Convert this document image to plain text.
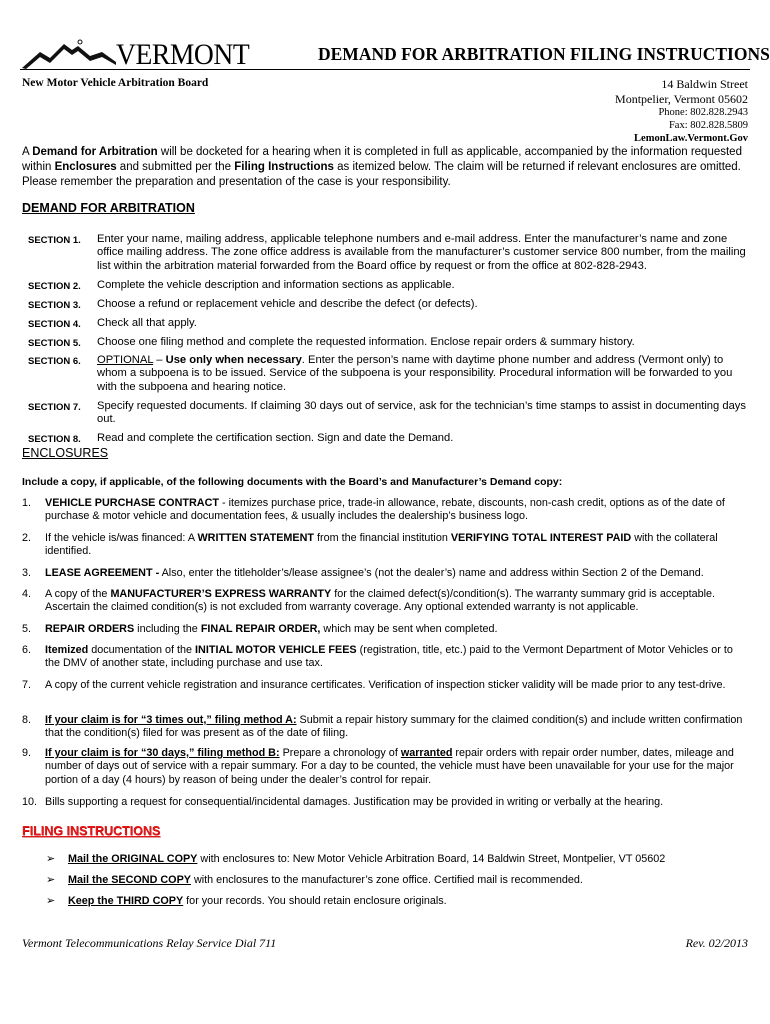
VERMONT	DEMAND FOR ARBITRATION FILING INSTRUCTIONS
New Motor Vehicle Arbitration Board	14 Baldwin Street
Montpelier, Vermont 05602
Phone: 802.828.2943
Fax: 802.828.5809
LemonLaw.Vermont.Gov
A Demand for Arbitration will be docketed for a hearing when it is completed in full as applicable, accompanied by the information requested within Enclosures and submitted per the Filing Instructions as itemized below. The claim will be returned if relevant enclosures are omitted. Please remember the preparation and presentation of the case is your responsibility.
DEMAND FOR ARBITRATION
SECTION 1.	Enter your name, mailing address, applicable telephone numbers and e-mail address. Enter the manufacturer’s name and zone office mailing address. The zone office address is available from the manufacturer’s customer service 800 number, from the mailing list within the arbitration material forwarded from the Board office by request or from the office at 802-828-2943.
SECTION 2.	Complete the vehicle description and information sections as applicable.
SECTION 3.	Choose a refund or replacement vehicle and describe the defect (or defects).
SECTION 4.	Check all that apply.
SECTION 5.	Choose one filing method and complete the requested information. Enclose repair orders & summary history.
SECTION 6.	OPTIONAL – Use only when necessary. Enter the person’s name with daytime phone number and address (Vermont only) to whom a subpoena is to be issued. Service of the subpoena is your responsibility. Procedural information will be forwarded to you with the subpoena and hearing notice.
SECTION 7.	Specify requested documents. If claiming 30 days out of service, ask for the technician’s time stamps to assist in documenting days out.
SECTION 8.	Read and complete the certification section. Sign and date the Demand.
ENCLOSURES
Include a copy, if applicable, of the following documents with the Board’s and Manufacturer’s Demand copy:
1.	VEHICLE PURCHASE CONTRACT - itemizes purchase price, trade-in allowance, rebate, discounts, non-cash credit, options as of the date of purchase & motor vehicle and documentation fees, & usually includes the dealership’s business logo.
2.	If the vehicle is/was financed: A WRITTEN STATEMENT from the financial institution VERIFYING TOTAL INTEREST PAID with the collateral identified.
3.	LEASE AGREEMENT - Also, enter the titleholder’s/lease assignee’s (not the dealer’s) name and address within Section 2 of the Demand.
4.	A copy of the MANUFACTURER’S EXPRESS WARRANTY for the claimed defect(s)/condition(s). The warranty summary grid is acceptable. Ascertain the claimed condition(s) is not excluded from warranty coverage. Any optional extended warranty is not applicable.
5.	REPAIR ORDERS including the FINAL REPAIR ORDER, which may be sent when completed.
6.	Itemized documentation of the INITIAL MOTOR VEHICLE FEES (registration, title, etc.) paid to the Vermont Department of Motor Vehicles or to the DMV of another state, including purchase and use tax.
7.	A copy of the current vehicle registration and insurance certificates. Verification of inspection sticker validity will be made prior to any test-drive.
8.	If your claim is for “3 times out,” filing method A: Submit a repair history summary for the claimed condition(s) and include written confirmation that the condition(s) filed for was present as of the date of filing.
9.	If your claim is for “30 days,” filing method B: Prepare a chronology of warranted repair orders with repair order number, dates, mileage and number of days out of service with a repair summary. For a day to be counted, the vehicle must have been unavailable for your use for the major portion of a day (4 hours) by reason of being under the dealer’s control for repair.
10. Bills supporting a request for consequential/incidental damages. Justification may be provided in writing or verbally at the hearing.
FILING INSTRUCTIONS
➢	Mail the ORIGINAL COPY with enclosures to: New Motor Vehicle Arbitration Board, 14 Baldwin Street, Montpelier, VT 05602
➢	Mail the SECOND COPY with enclosures to the manufacturer’s zone office. Certified mail is recommended.
➢	Keep the THIRD COPY for your records. You should retain enclosure originals.
Vermont Telecommunications Relay Service Dial 711	Rev. 02/2013
